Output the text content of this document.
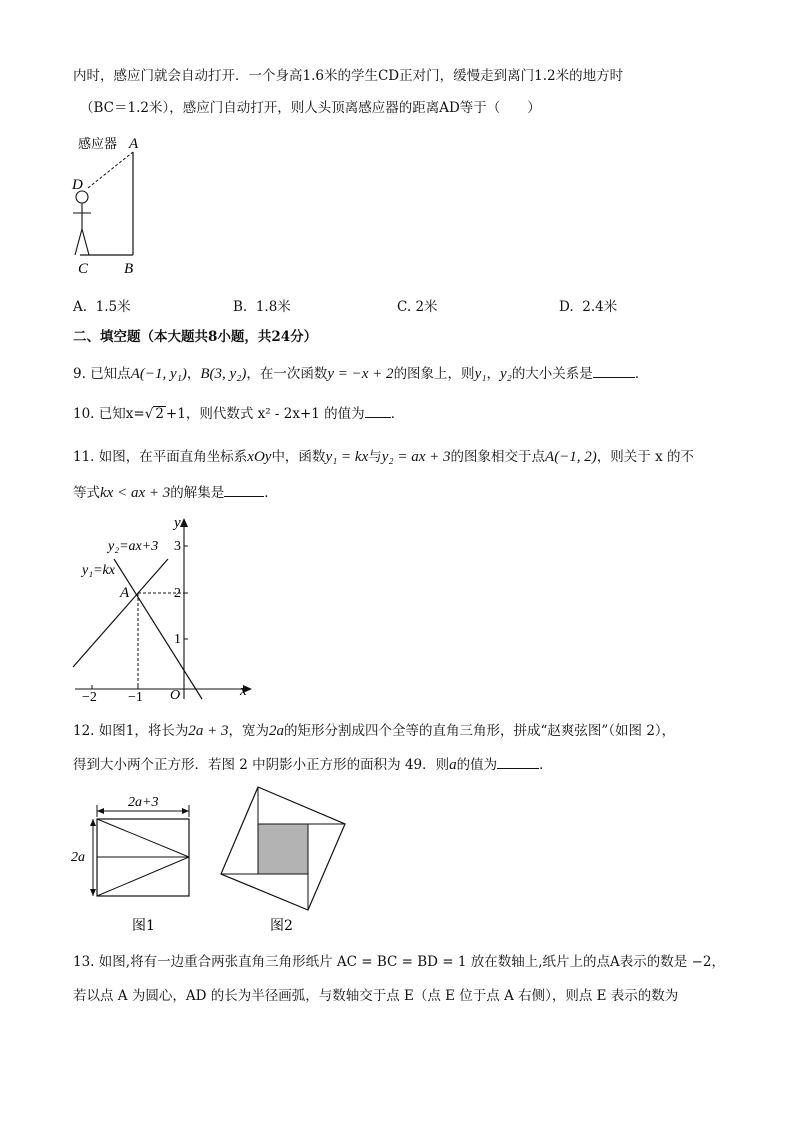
内时，感应门就会自动打开．一个身高1.6米的学生CD正对门，缓慢走到离门1.2米的地方时
（BC＝1.2米），感应门自动打开，则人头顶离感应器的距离AD等于（　　）
感应器 A
D
C B
A. 1.5米	B. 1.8米	C. 2米	D. 2.4米
二、填空题（本大题共8小题，共24分）
9. 已知点A(−1, y₁)，B(3, y₂)，在一次函数y = −x + 2的图象上，则y₁，y₂的大小关系是	．
10. 已知x=√ 2 +1，则代数式 x² - 2x+1 的值为 ．
11. 如图，在平面直角坐标系xOy中，函数y₁ = kx与y₂ = ax + 3的图象相交于点A(−1, 2)，则关于 x 的不
等式kx < ax + 3的解集是	．
y
x
O
3
2
1
−2 −1
y₂=ax+3
y₁=kx
A
12. 如图1，将长为2a + 3，宽为2a的矩形分割成四个全等的直角三角形，拼成“赵爽弦图”（如图 2），
得到大小两个正方形．若图 2 中阴影小正方形的面积为 49．则a的值为	．
2a+3
2a
图1	图2
13. 如图,将有一边重合两张直角三角形纸片 AC = BC = BD = 1 放在数轴上,纸片上的点A表示的数是 −2，
若以点 A 为圆心，AD 的长为半径画弧，与数轴交于点 E（点 E 位于点 A 右侧），则点 E 表示的数为
